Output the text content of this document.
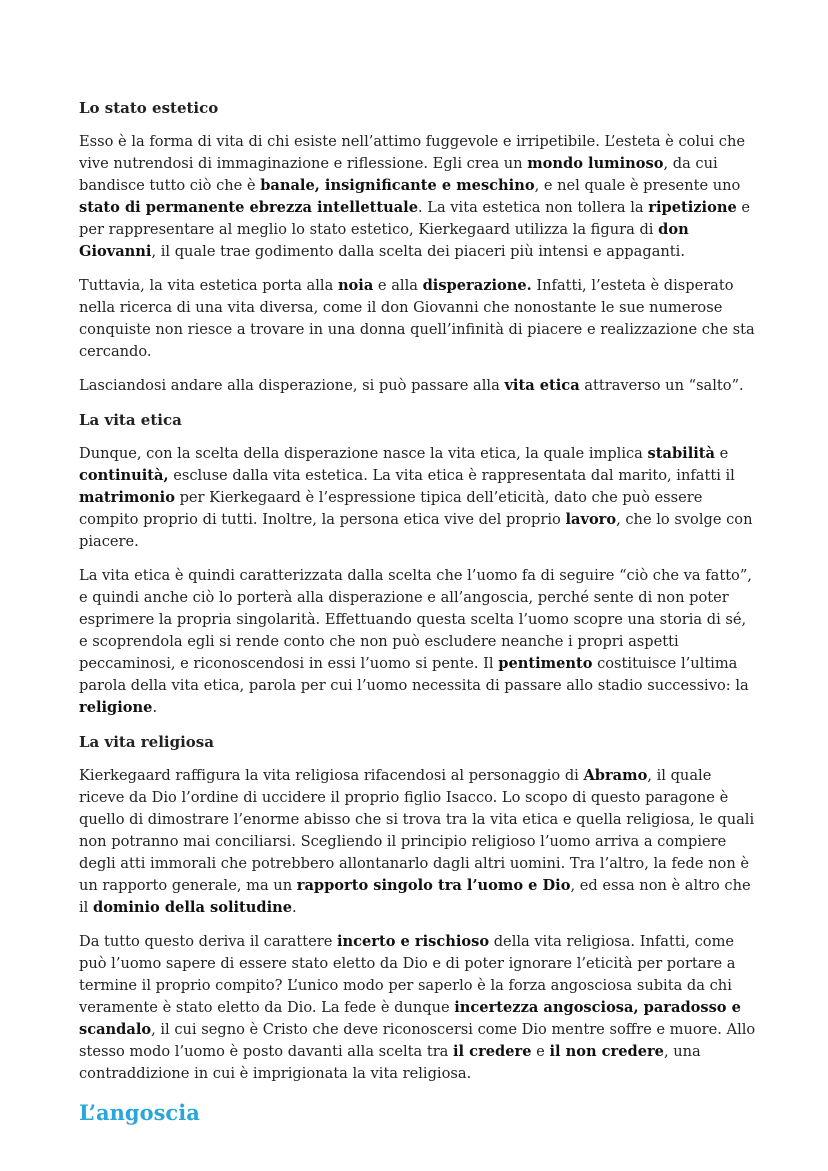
Lo stato estetico

Esso è la forma di vita di chi esiste nell’attimo fuggevole e irripetibile. L’esteta è colui che vive nutrendosi di immaginazione e riflessione. Egli crea un mondo luminoso, da cui bandisce tutto ciò che è banale, insignificante e meschino, e nel quale è presente uno stato di permanente ebrezza intellettuale. La vita estetica non tollera la ripetizione e per rappresentare al meglio lo stato estetico, Kierkegaard utilizza la figura di don Giovanni, il quale trae godimento dalla scelta dei piaceri più intensi e appaganti.

Tuttavia, la vita estetica porta alla noia e alla disperazione. Infatti, l’esteta è disperato nella ricerca di una vita diversa, come il don Giovanni che nonostante le sue numerose conquiste non riesce a trovare in una donna quell’infinità di piacere e realizzazione che sta cercando.

Lasciandosi andare alla disperazione, si può passare alla vita etica attraverso un “salto”.

La vita etica

Dunque, con la scelta della disperazione nasce la vita etica, la quale implica stabilità e continuità, escluse dalla vita estetica. La vita etica è rappresentata dal marito, infatti il matrimonio per Kierkegaard è l’espressione tipica dell’eticità, dato che può essere compito proprio di tutti. Inoltre, la persona etica vive del proprio lavoro, che lo svolge con piacere.

La vita etica è quindi caratterizzata dalla scelta che l’uomo fa di seguire “ciò che va fatto”, e quindi anche ciò lo porterà alla disperazione e all’angoscia, perché sente di non poter esprimere la propria singolarità. Effettuando questa scelta l’uomo scopre una storia di sé, e scoprendola egli si rende conto che non può escludere neanche i propri aspetti peccaminosi, e riconoscendosi in essi l’uomo si pente. Il pentimento costituisce l’ultima parola della vita etica, parola per cui l’uomo necessita di passare allo stadio successivo: la religione.

La vita religiosa

Kierkegaard raffigura la vita religiosa rifacendosi al personaggio di Abramo, il quale riceve da Dio l’ordine di uccidere il proprio figlio Isacco. Lo scopo di questo paragone è quello di dimostrare l’enorme abisso che si trova tra la vita etica e quella religiosa, le quali non potranno mai conciliarsi. Scegliendo il principio religioso l’uomo arriva a compiere degli atti immorali che potrebbero allontanarlo dagli altri uomini. Tra l’altro, la fede non è un rapporto generale, ma un rapporto singolo tra l’uomo e Dio, ed essa non è altro che il dominio della solitudine.

Da tutto questo deriva il carattere incerto e rischioso della vita religiosa. Infatti, come può l’uomo sapere di essere stato eletto da Dio e di poter ignorare l’eticità per portare a termine il proprio compito? L’unico modo per saperlo è la forza angosciosa subita da chi veramente è stato eletto da Dio. La fede è dunque incertezza angosciosa, paradosso e scandalo, il cui segno è Cristo che deve riconoscersi come Dio mentre soffre e muore. Allo stesso modo l’uomo è posto davanti alla scelta tra il credere e il non credere, una contraddizione in cui è imprigionata la vita religiosa.

L’angoscia
